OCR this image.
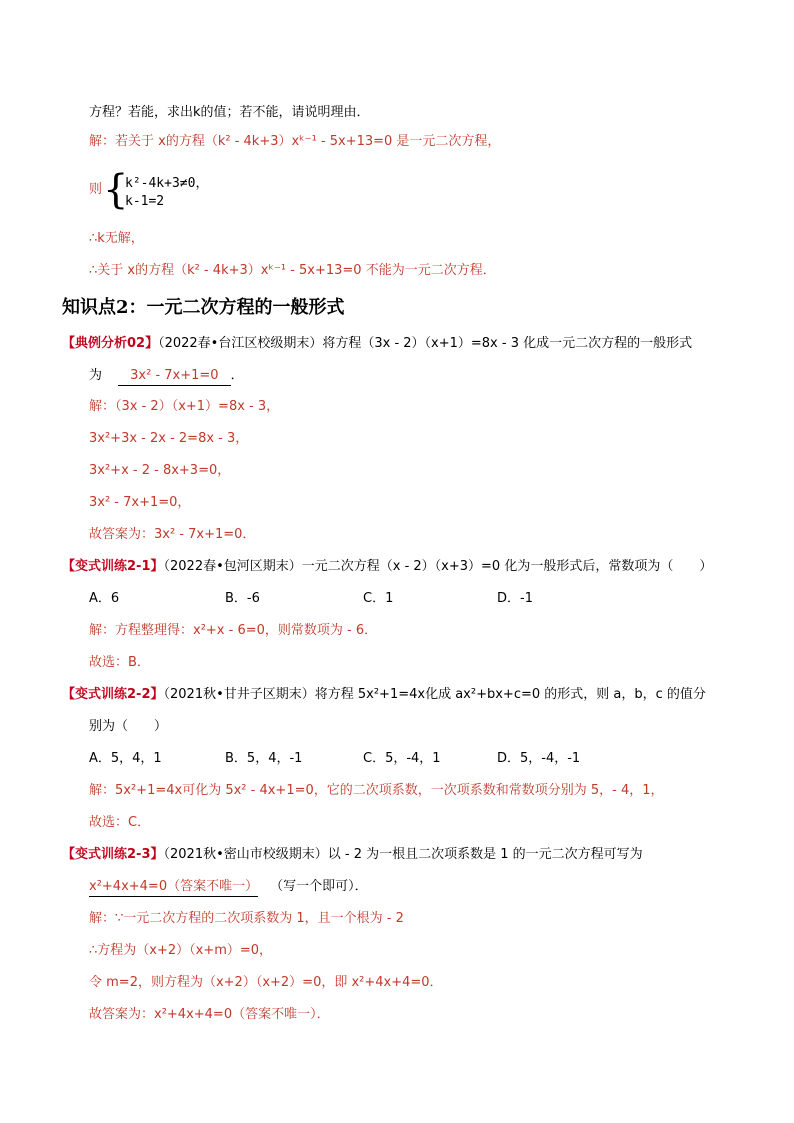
方程？若能，求出k的值；若不能，请说明理由．
解：若关于 x的方程（k² - 4k+3）xᵏ⁻¹ - 5x+13=0 是一元二次方程，
则 {
k²-4k+3≠0，
k-1=2
∴k无解，
∴关于 x的方程（k² - 4k+3）xᵏ⁻¹ - 5x+13=0 不能为一元二次方程．
知识点2：一元二次方程的一般形式
【典例分析02】（2022春•台江区校级期末）将方程（3x - 2）（x+1）=8x - 3 化成一元二次方程的一般形式
为 3x² - 7x+1=0 ．
解：（3x - 2）（x+1）=8x - 3，
3x²+3x - 2x - 2=8x - 3，
3x²+x - 2 - 8x+3=0，
3x² - 7x+1=0，
故答案为：3x² - 7x+1=0．
【变式训练2-1】（2022春•包河区期末）一元二次方程（x - 2）（x+3）=0 化为一般形式后，常数项为（　　）
A．6	B．-6	C．1	D．-1
解：方程整理得：x²+x - 6=0，则常数项为 - 6．
故选：B．
【变式训练2-2】（2021秋•甘井子区期末）将方程 5x²+1=4x化成 ax²+bx+c=0 的形式，则 a，b，c 的值分
别为（　　）
A．5，4，1	B．5，4，-1	C．5，-4，1	D．5，-4，-1
解：5x²+1=4x可化为 5x² - 4x+1=0，它的二次项系数，一次项系数和常数项分别为 5，- 4，1，
故选：C．
【变式训练2-3】（2021秋•密山市校级期末）以 - 2 为一根且二次项系数是 1 的一元二次方程可写为
x²+4x+4=0（答案不唯一） （写一个即可）．
解：∵一元二次方程的二次项系数为 1，且一个根为 - 2
∴方程为（x+2）（x+m）=0，
令 m=2，则方程为（x+2）（x+2）=0，即 x²+4x+4=0．
故答案为：x²+4x+4=0（答案不唯一）．
